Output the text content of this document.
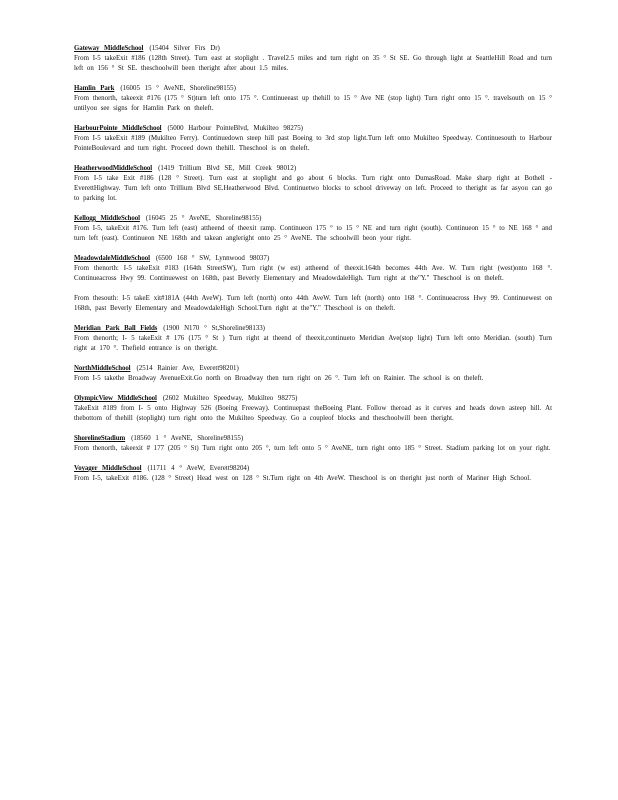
Gateway MiddleSchool (15404 Silver Firs Dr)
From I-5 takeExit #186 (128th Street). Turn east at stoplight . Travel2.5 miles and turn right on 35 ° St SE. Go through light at SeattleHill Road and turn left on 156 ° St SE. theschoolwill been theright after about 1.5 miles.
Hamlin Park (16005 15 ° AveNE, Shoreline98155)
From thenorth, takeexit #176 (175 ° St)turn left onto 175 °. Continueeast up thehill to 15 ° Ave NE (stop light) Turn right onto 15 °. travelsouth on 15 ° untilyou see signs for Hamlin Park on theleft.
HarbourPointe MiddleSchool (5000 Harbour PointeBlvd, Mukilteo 98275)
From I-5 takeExit #189 (Mukilteo Ferry). Continuedown steep hill past Boeing to 3rd stop light.Turn left onto Mukilteo Speedway. Continuesouth to Harbour PointeBoulevard and turn right. Proceed down thehill. Theschool is on theleft.
HeatherwoodMiddleSchool (1419 Trillium Blvd SE, Mill Creek 98012)
From I-5 take Exit #186 (128 ° Street). Turn east at stoplight and go about 6 blocks. Turn right onto DumasRoad. Make sharp right at Bothell - EverettHighway. Turn left onto Trillium Blvd SE.Heatherwood Blvd. Continuetwo blocks to school driveway on left. Proceed to theright as far asyou can go to parking lot.
Kellogg MiddleSchool (16045 25 ° AveNE, Shoreline98155)
From I-5, takeExit #176. Turn left (east) attheend of theexit ramp. Continueon 175 ° to 15 ° NE and turn right (south). Continueon 15 ° to NE 168 ° and turn left (east). Continueon NE 168th and takean angleright onto 25 ° AveNE. The schoolwill beon your right.
MeadowdaleMiddleSchool (6500 168 ° SW, Lynnwood 98037)
From thenorth: I-5 takeExit #183 (164th StreetSW), Turn right (w est) attheend of theexit.164th becomes 44th Ave. W. Turn right (west)onto 168 °. Continueacross Hwy 99. Continuewest on 168th, past Beverly Elementary and MeadowdaleHigh. Turn right at the"Y." Theschool is on theleft.
From thesouth: I-5 takeE xit#181A (44th AveW). Turn left (north) onto 44th AveW. Turn left (north) onto 168 °. Continueacross Hwy 99. Continuewest on 168th, past Beverly Elementary and MeadowdaleHigh School.Turn right at the"Y." Theschool is on theleft.
Meridian Park Ball Fields (1900 N170 ° St,Shoreline98133)
From thenorth; I- 5 takeExit # 176 (175 ° St ) Turn right at theend of theexit,continueto Meridian Ave(stop light) Turn left onto Meridian. (south) Turn right at 170 °. Thefield entrance is on theright.
NorthMiddleSchool (2514 Rainier Ave, Everett98201)
From I-5 takethe Broadway AvenueExit.Go north on Broadway then turn right on 26 °. Turn left on Rainier. The school is on theleft.
OlympicView MiddleSchool (2602 Mukilteo Speedway, Mukilteo 98275)
TakeExit #189 from I- 5 onto Highway 526 (Boeing Freeway). Continuepast theBoeing Plant. Follow theroad as it curves and heads down asteep hill. At thebottom of thehill (stoplight) turn right onto the Mukilteo Speedway. Go a coupleof blocks and theschoolwill been theright.
ShorelineStadium (18560 1 ° AveNE, Shoreline98155)
From thenorth, takeexit # 177 (205 ° St) Turn right onto 205 °, turn left onto 5 ° AveNE, turn right onto 185 ° Street. Stadium parking lot on your right.
Voyager MiddleSchool (11711 4 ° AveW, Everett98204)
From I-5, takeExit #186. (128 ° Street) Head west on 128 ° St.Turn right on 4th AveW. Theschool is on theright just north of Mariner High School.
